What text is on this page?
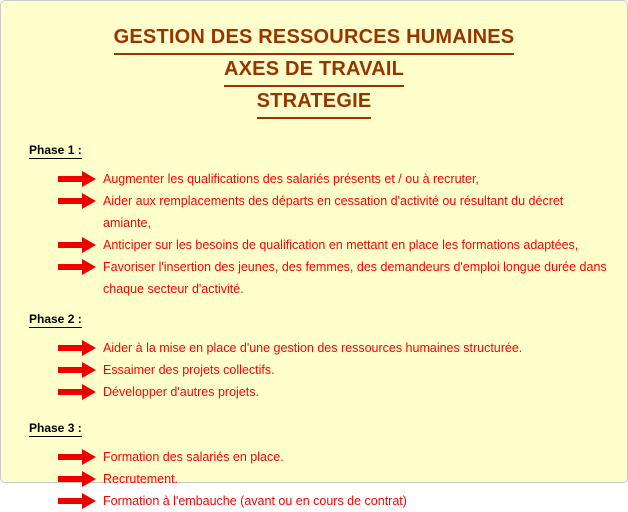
GESTION DES RESSOURCES HUMAINES
AXES DE TRAVAIL
STRATEGIE
Phase 1 :
Augmenter les qualifications des salariés présents et / ou à recruter,
Aider aux remplacements des départs en cessation d'activité ou résultant du décret amiante,
Anticiper sur les besoins de qualification en mettant en place les formations adaptées,
Favoriser l'insertion des jeunes, des femmes, des demandeurs d'emploi longue durée dans chaque secteur d'activité.
Phase 2 :
Aider à la mise en place d'une gestion des ressources humaines structurée.
Essaimer des projets collectifs.
Développer d'autres projets.
Phase 3 :
Formation des salariés en place.
Recrutement.
Formation à l'embauche (avant ou en cours de contrat)
